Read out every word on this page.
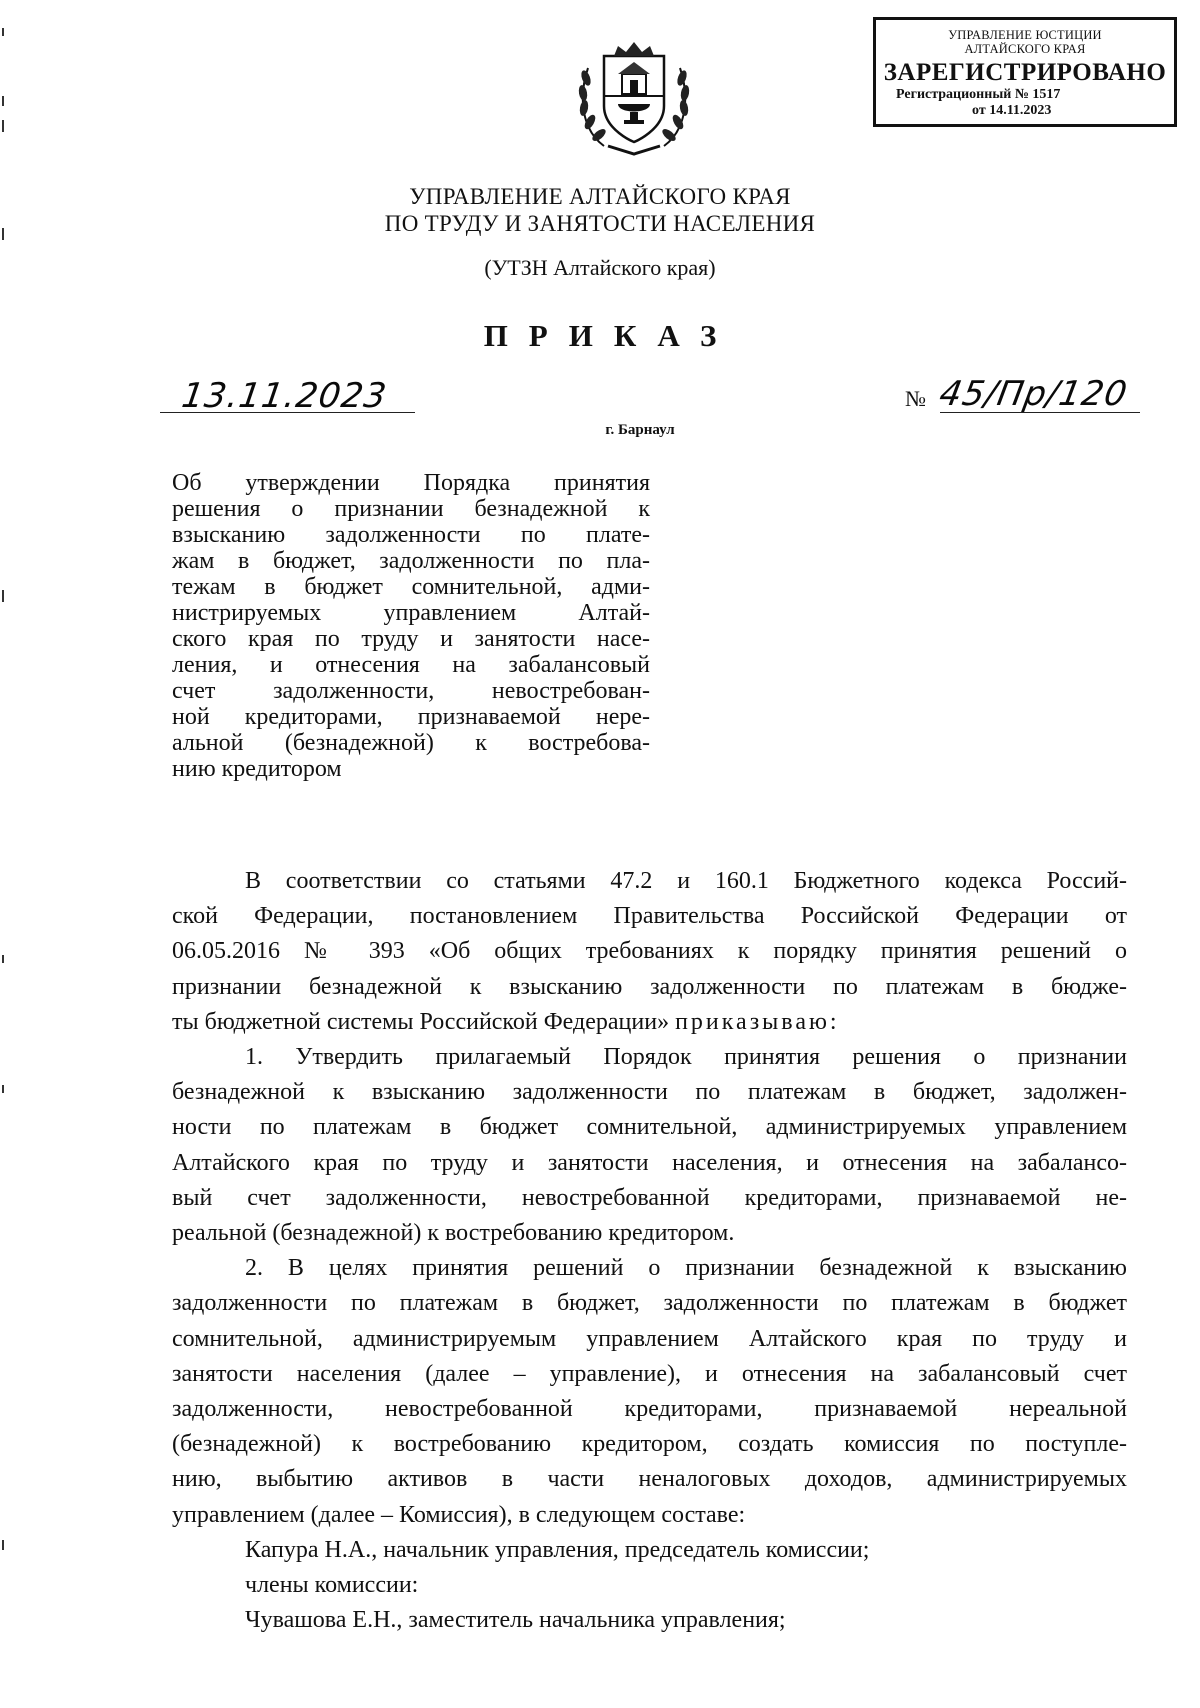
УПРАВЛЕНИЕ ЮСТИЦИИ
АЛТАЙСКОГО КРАЯ
ЗАРЕГИСТРИРОВАНО
Регистрационный № 1517
от 14.11.2023
УПРАВЛЕНИЕ АЛТАЙСКОГО КРАЯ
ПО ТРУДУ И ЗАНЯТОСТИ НАСЕЛЕНИЯ
(УТЗН Алтайского края)
ПРИКАЗ
13.11.2023	№ 45/Пр/120
г. Барнаул
Об утверждении Порядка принятия
решения о признании безнадежной к
взысканию задолженности по плате-
жам в бюджет, задолженности по пла-
тежам в бюджет сомнительной, адми-
нистрируемых управлением Алтай-
ского края по труду и занятости насе-
ления, и отнесения на забалансовый
счет задолженности, невостребован-
ной кредиторами, признаваемой нере-
альной (безнадежной) к востребова-
нию кредитором
В соответствии со статьями 47.2 и 160.1 Бюджетного кодекса Россий-
ской Федерации, постановлением Правительства Российской Федерации от
06.05.2016 № 393 «Об общих требованиях к порядку принятия решений о
признании безнадежной к взысканию задолженности по платежам в бюдже-
ты бюджетной системы Российской Федерации» приказываю:
1. Утвердить прилагаемый Порядок принятия решения о признании
безнадежной к взысканию задолженности по платежам в бюджет, задолжен-
ности по платежам в бюджет сомнительной, администрируемых управлением
Алтайского края по труду и занятости населения, и отнесения на забалансо-
вый счет задолженности, невостребованной кредиторами, признаваемой не-
реальной (безнадежной) к востребованию кредитором.
2. В целях принятия решений о признании безнадежной к взысканию
задолженности по платежам в бюджет, задолженности по платежам в бюджет
сомнительной, администрируемым управлением Алтайского края по труду и
занятости населения (далее – управление), и отнесения на забалансовый счет
задолженности, невостребованной кредиторами, признаваемой нереальной
(безнадежной) к востребованию кредитором, создать комиссия по поступле-
нию, выбытию активов в части неналоговых доходов, администрируемых
управлением (далее – Комиссия), в следующем составе:
Капура Н.А., начальник управления, председатель комиссии;
члены комиссии:
Чувашова Е.Н., заместитель начальника управления;
